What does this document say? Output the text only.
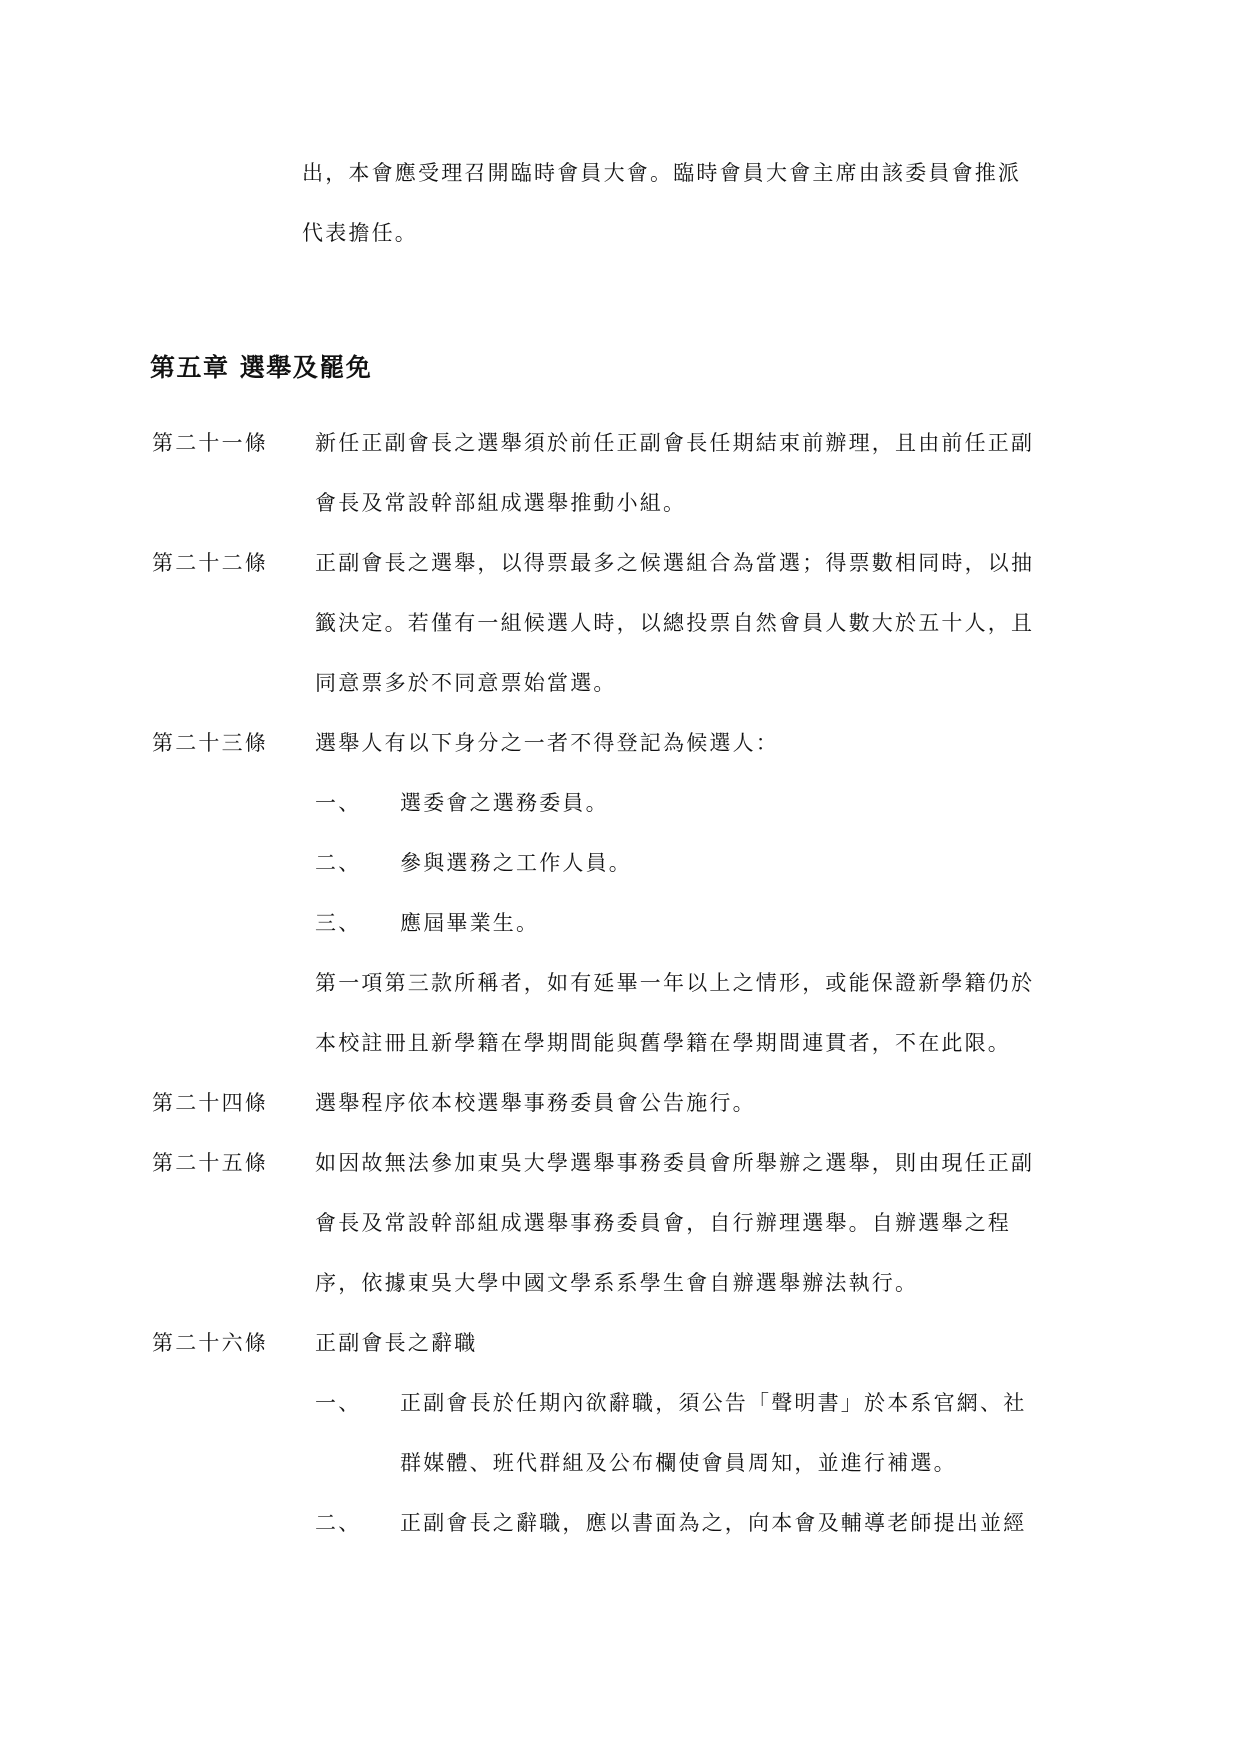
出，本會應受理召開臨時會員大會。臨時會員大會主席由該委員會推派
代表擔任。
第五章 選舉及罷免
第二十一條 新任正副會長之選舉須於前任正副會長任期結束前辦理，且由前任正副
會長及常設幹部組成選舉推動小組。
第二十二條 正副會長之選舉，以得票最多之候選組合為當選；得票數相同時，以抽
籤決定。若僅有一組候選人時，以總投票自然會員人數大於五十人，且
同意票多於不同意票始當選。
第二十三條 選舉人有以下身分之一者不得登記為候選人：
一、 選委會之選務委員。
二、 參與選務之工作人員。
三、 應屆畢業生。
第一項第三款所稱者，如有延畢一年以上之情形，或能保證新學籍仍於
本校註冊且新學籍在學期間能與舊學籍在學期間連貫者，不在此限。
第二十四條 選舉程序依本校選舉事務委員會公告施行。
第二十五條 如因故無法參加東吳大學選舉事務委員會所舉辦之選舉，則由現任正副
會長及常設幹部組成選舉事務委員會，自行辦理選舉。自辦選舉之程
序，依據東吳大學中國文學系系學生會自辦選舉辦法執行。
第二十六條 正副會長之辭職
一、 正副會長於任期內欲辭職，須公告「聲明書」於本系官網、社
群媒體、班代群組及公布欄使會員周知，並進行補選。
二、 正副會長之辭職，應以書面為之，向本會及輔導老師提出並經
